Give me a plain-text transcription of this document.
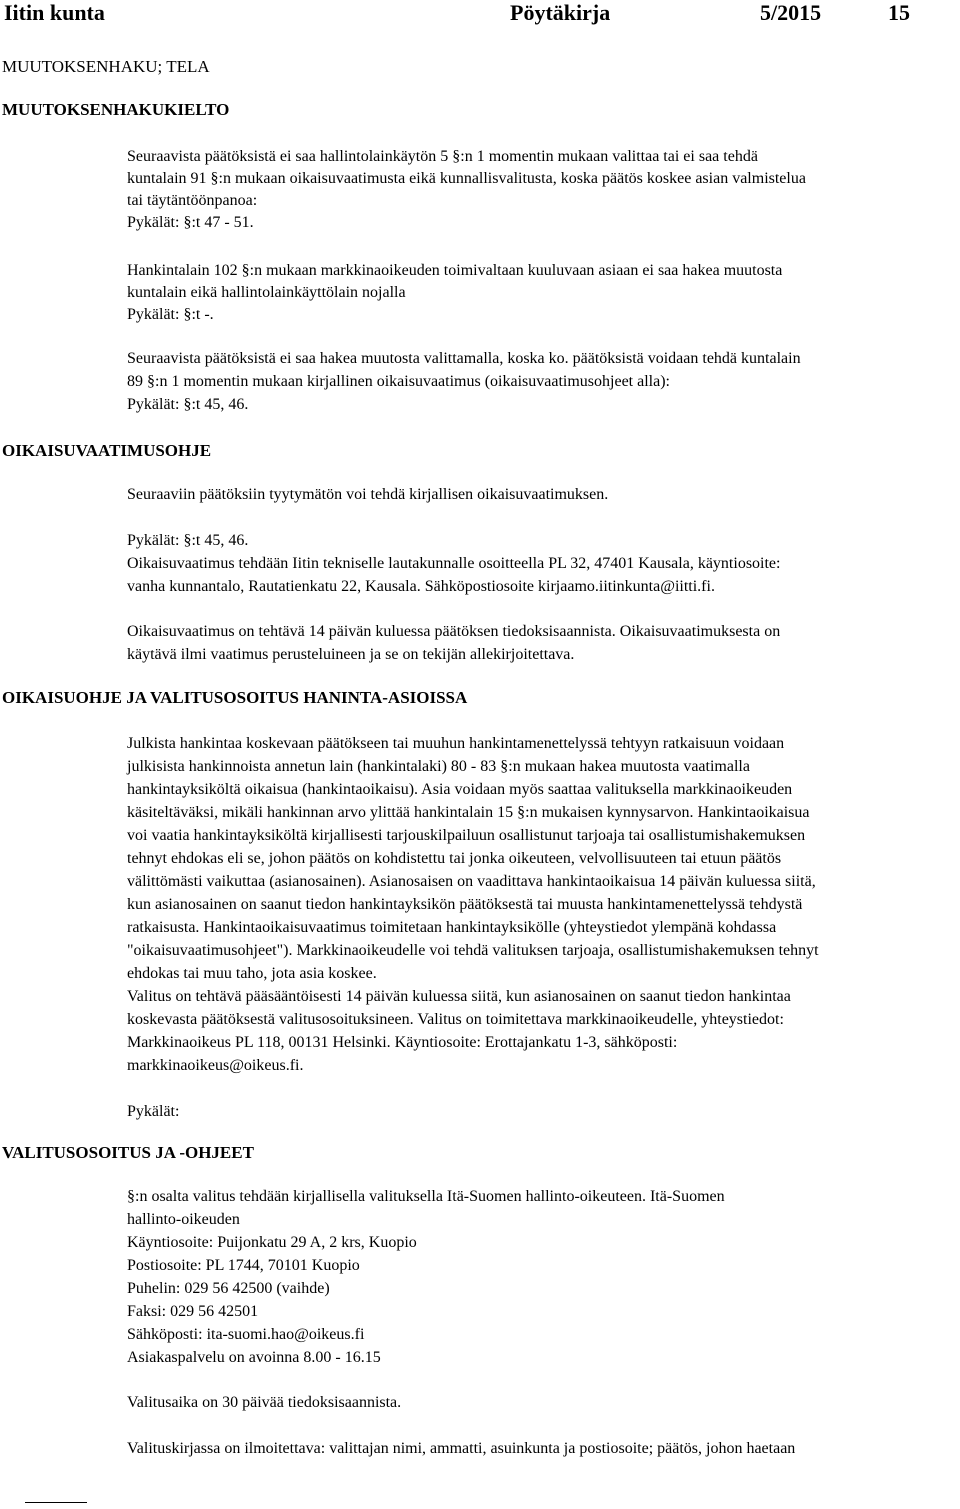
Iitin kunta	Pöytäkirja	5/2015	15
MUUTOKSENHAKU; TELA
MUUTOKSENHAKUKIELTO
Seuraavista päätöksistä ei saa hallintolainkäytön 5 §:n 1 momentin mukaan valittaa tai ei saa tehdä
kuntalain 91 §:n mukaan oikaisuvaatimusta eikä kunnallisvalitusta, koska päätös koskee asian valmistelua
tai täytäntöönpanoa:
Pykälät: §:t 47 - 51.
Hankintalain 102 §:n mukaan markkinaoikeuden toimivaltaan kuuluvaan asiaan ei saa hakea muutosta
kuntalain eikä hallintolainkäyttölain nojalla
Pykälät: §:t -.
Seuraavista päätöksistä ei saa hakea muutosta valittamalla, koska ko. päätöksistä voidaan tehdä kuntalain
89 §:n 1 momentin mukaan kirjallinen oikaisuvaatimus (oikaisuvaatimusohjeet alla):
Pykälät: §:t 45, 46.
OIKAISUVAATIMUSOHJE
Seuraaviin päätöksiin tyytymätön voi tehdä kirjallisen oikaisuvaatimuksen.
Pykälät: §:t 45, 46.
Oikaisuvaatimus tehdään Iitin tekniselle lautakunnalle osoitteella PL 32, 47401 Kausala, käyntiosoite:
vanha kunnantalo, Rautatienkatu 22, Kausala. Sähköpostiosoite kirjaamo.iitinkunta@iitti.fi.
Oikaisuvaatimus on tehtävä 14 päivän kuluessa päätöksen tiedoksisaannista. Oikaisuvaatimuksesta on
käytävä ilmi vaatimus perusteluineen ja se on tekijän allekirjoitettava.
OIKAISUOHJE JA VALITUSOSOITUS HANINTA-ASIOISSA
Julkista hankintaa koskevaan päätökseen tai muuhun hankintamenettelyssä tehtyyn ratkaisuun voidaan
julkisista hankinnoista annetun lain (hankintalaki) 80 - 83 §:n mukaan hakea muutosta vaatimalla
hankintayksiköltä oikaisua (hankintaoikaisu). Asia voidaan myös saattaa valituksella markkinaoikeuden
käsiteltäväksi, mikäli hankinnan arvo ylittää hankintalain 15 §:n mukaisen kynnysarvon. Hankintaoikaisua
voi vaatia hankintayksiköltä kirjallisesti tarjouskilpailuun osallistunut tarjoaja tai osallistumishakemuksen
tehnyt ehdokas eli se, johon päätös on kohdistettu tai jonka oikeuteen, velvollisuuteen tai etuun päätös
välittömästi vaikuttaa (asianosainen). Asianosaisen on vaadittava hankintaoikaisua 14 päivän kuluessa siitä,
kun asianosainen on saanut tiedon hankintayksikön päätöksestä tai muusta hankintamenettelyssä tehdystä
ratkaisusta. Hankintaoikaisuvaatimus toimitetaan hankintayksikölle (yhteystiedot ylempänä kohdassa
"oikaisuvaatimusohjeet"). Markkinaoikeudelle voi tehdä valituksen tarjoaja, osallistumishakemuksen tehnyt
ehdokas tai muu taho, jota asia koskee.
Valitus on tehtävä pääsääntöisesti 14 päivän kuluessa siitä, kun asianosainen on saanut tiedon hankintaa
koskevasta päätöksestä valitusosoituksineen. Valitus on toimitettava markkinaoikeudelle, yhteystiedot:
Markkinaoikeus PL 118, 00131 Helsinki. Käyntiosoite: Erottajankatu 1-3, sähköposti:
markkinaoikeus@oikeus.fi.
Pykälät:
VALITUSOSOITUS JA -OHJEET
§:n osalta valitus tehdään kirjallisella valituksella Itä-Suomen hallinto-oikeuteen. Itä-Suomen
hallinto-oikeuden
Käyntiosoite: Puijonkatu 29 A, 2 krs, Kuopio
Postiosoite: PL 1744, 70101 Kuopio
Puhelin: 029 56 42500 (vaihde)
Faksi: 029 56 42501
Sähköposti: ita-suomi.hao@oikeus.fi
Asiakaspalvelu on avoinna 8.00 - 16.15
Valitusaika on 30 päivää tiedoksisaannista.
Valituskirjassa on ilmoitettava: valittajan nimi, ammatti, asuinkunta ja postiosoite; päätös, johon haetaan
